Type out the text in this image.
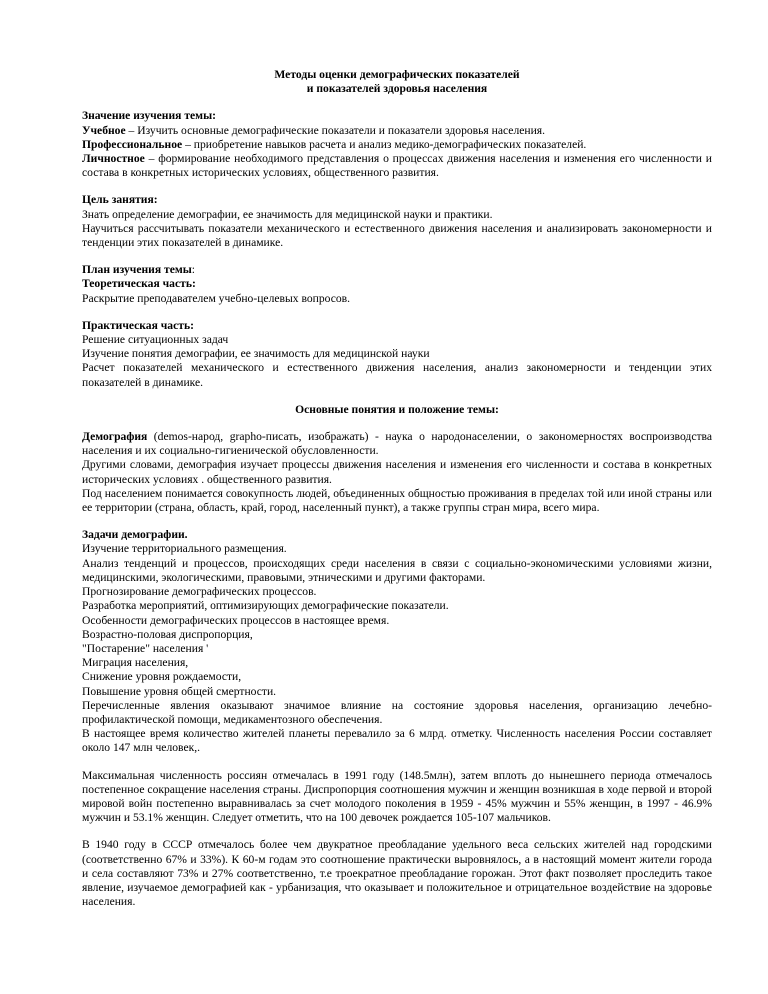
Методы оценки демографических показателей
и показателей здоровья населения

Значение изучения темы:

Учебное – Изучить основные демографические показатели и показатели здоровья населения.

Профессиональное – приобретение навыков расчета и анализ медико-демографических показателей.

Личностное – формирование необходимого представления о процессах движения населения и изменения его численности и состава в конкретных исторических условиях, общественного развития.

Цель занятия:

Знать определение демографии, ее значимость для медицинской науки и практики.

Научиться рассчитывать показатели механического и естественного движения населения и анализировать закономерности и тенденции этих показателей в динамике.

План изучения темы:

Теоретическая часть:

Раскрытие преподавателем учебно-целевых вопросов.

Практическая часть:

Решение ситуационных задач

Изучение понятия демографии, ее значимость для медицинской науки

Расчет показателей механического и естественного движения населения, анализ закономерности и тенденции этих показателей в динамике.

Основные понятия и положение темы:

Демография (demos-народ, grapho-писать, изображать) - наука о народонаселении, о закономерностях воспроизводства населения и их социально-гигиенической обусловленности.

Другими словами, демография изучает процессы движения населения и изменения его численности и состава в конкретных исторических условиях . общественного развития.

Под населением понимается совокупность людей, объединенных общностью проживания в пределах той или иной страны или ее территории (страна, область, край, город, населенный пункт), а также группы стран мира, всего мира.

Задачи демографии.

Изучение территориального размещения.

Анализ тенденций и процессов, происходящих среди населения в связи с социально-экономическими условиями жизни, медицинскими, экологическими, правовыми, этническими и другими факторами.

Прогнозирование демографических процессов.

Разработка мероприятий, оптимизирующих демографические показатели.

Особенности демографических процессов в настоящее время.

Возрастно-половая диспропорция,

"Постарение" населения '

Миграция населения,

Снижение уровня рождаемости,

Повышение уровня общей смертности.

Перечисленные явления оказывают значимое влияние на состояние здоровья населения, организацию лечебно-профилактической помощи, медикаментозного обеспечения.

В настоящее время количество жителей планеты перевалило за 6 млрд. отметку. Численность населения России составляет около 147 млн человек,.

Максимальная численность россиян отмечалась в 1991 году (148.5млн), затем вплоть до нынешнего периода отмечалось постепенное сокращение населения страны. Диспропорция соотношения мужчин и женщин возникшая в ходе первой и второй мировой войн постепенно выравнивалась за счет молодого поколения в 1959 - 45% мужчин и 55% женщин, в 1997 - 46.9% мужчин и 53.1% женщин. Следует отметить, что на 100 девочек рождается 105-107 мальчиков.

В 1940 году в СССР отмечалось более чем двукратное преобладание удельного веса сельских жителей над городскими (соответственно 67% и 33%). К 60-м годам это соотношение практически выровнялось, а в настоящий момент жители города и села составляют 73% и 27% соответственно, т.е троекратное преобладание горожан. Этот факт позволяет проследить такое явление, изучаемое демографией как - урбанизация, что оказывает и положительное и отрицательное воздействие на здоровье населения.
